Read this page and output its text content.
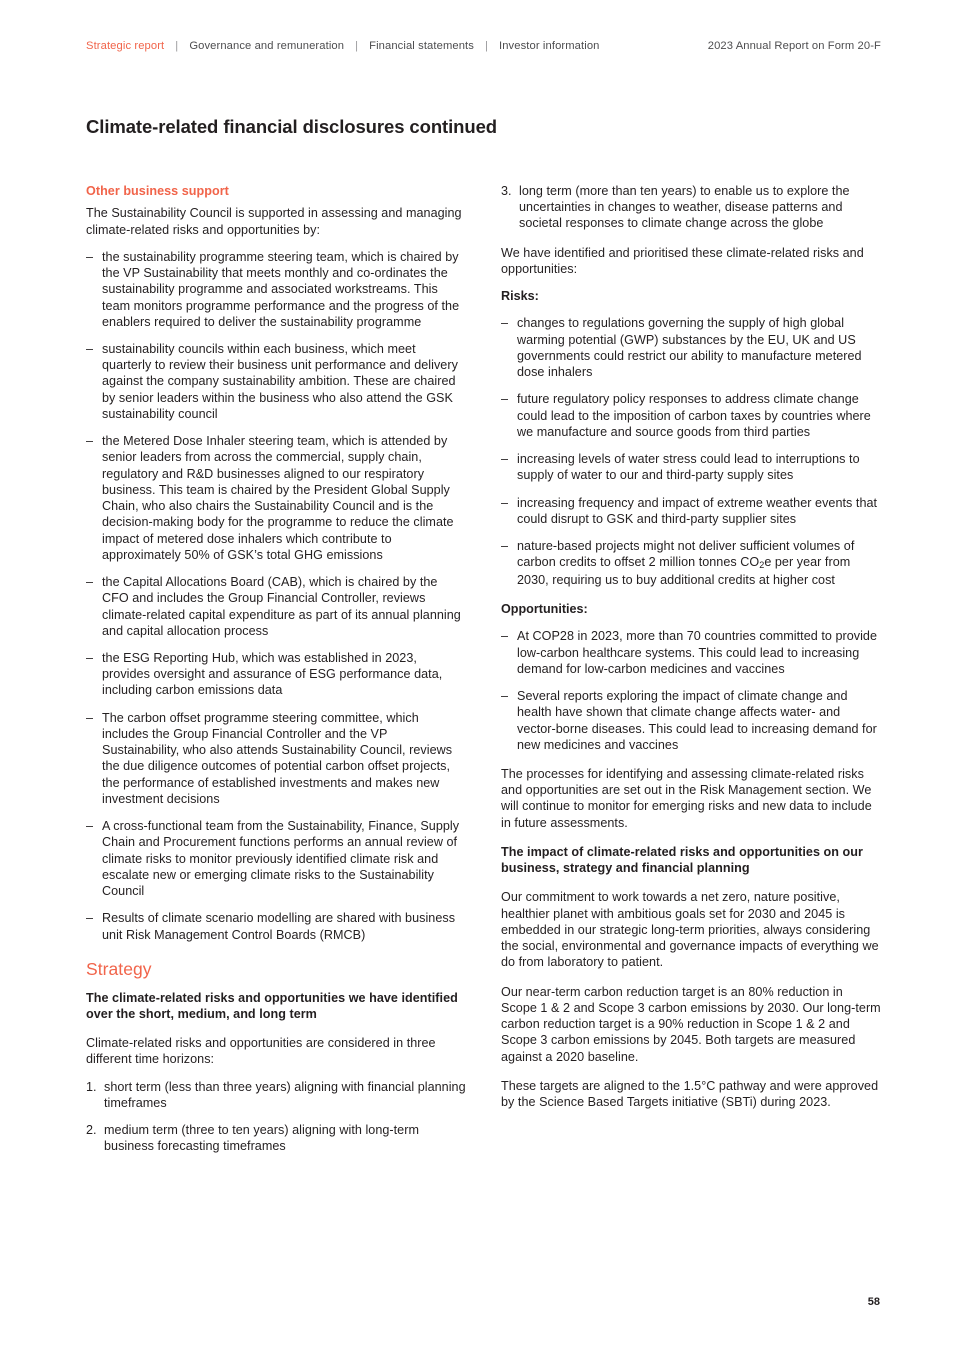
Strategic report | Governance and remuneration | Financial statements | Investor information	2023 Annual Report on Form 20-F
Climate-related financial disclosures continued
Other business support

The Sustainability Council is supported in assessing and managing climate-related risks and opportunities by:

– the sustainability programme steering team, which is chaired by the VP Sustainability that meets monthly and co-ordinates the sustainability programme and associated workstreams. This team monitors programme performance and the progress of the enablers required to deliver the sustainability programme
– sustainability councils within each business, which meet quarterly to review their business unit performance and delivery against the company sustainability ambition. These are chaired by senior leaders within the business who also attend the GSK sustainability council
– the Metered Dose Inhaler steering team, which is attended by senior leaders from across the commercial, supply chain, regulatory and R&D businesses aligned to our respiratory business. This team is chaired by the President Global Supply Chain, who also chairs the Sustainability Council and is the decision-making body for the programme to reduce the climate impact of metered dose inhalers which contribute to approximately 50% of GSK’s total GHG emissions
– the Capital Allocations Board (CAB), which is chaired by the CFO and includes the Group Financial Controller, reviews climate-related capital expenditure as part of its annual planning and capital allocation process
– the ESG Reporting Hub, which was established in 2023, provides oversight and assurance of ESG performance data, including carbon emissions data
– The carbon offset programme steering committee, which includes the Group Financial Controller and the VP Sustainability, who also attends Sustainability Council, reviews the due diligence outcomes of potential carbon offset projects, the performance of established investments and makes new investment decisions
– A cross-functional team from the Sustainability, Finance, Supply Chain and Procurement functions performs an annual review of climate risks to monitor previously identified climate risk and escalate new or emerging climate risks to the Sustainability Council
– Results of climate scenario modelling are shared with business unit Risk Management Control Boards (RMCB)
Strategy

The climate-related risks and opportunities we have identified over the short, medium, and long term

Climate-related risks and opportunities are considered in three different time horizons:

1. short term (less than three years) aligning with financial planning timeframes
2. medium term (three to ten years) aligning with long-term business forecasting timeframes
3. long term (more than ten years) to enable us to explore the uncertainties in changes to weather, disease patterns and societal responses to climate change across the globe

We have identified and prioritised these climate-related risks and opportunities:

Risks:

– changes to regulations governing the supply of high global warming potential (GWP) substances by the EU, UK and US governments could restrict our ability to manufacture metered dose inhalers
– future regulatory policy responses to address climate change could lead to the imposition of carbon taxes by countries where we manufacture and source goods from third parties
– increasing levels of water stress could lead to interruptions to supply of water to our and third-party supply sites
– increasing frequency and impact of extreme weather events that could disrupt to GSK and third-party supplier sites
– nature-based projects might not deliver sufficient volumes of carbon credits to offset 2 million tonnes $CO_2e$ per year from 2030, requiring us to buy additional credits at higher cost

Opportunities:

– At COP28 in 2023, more than 70 countries committed to provide low-carbon healthcare systems. This could lead to increasing demand for low-carbon medicines and vaccines
– Several reports exploring the impact of climate change and health have shown that climate change affects water- and vector-borne diseases. This could lead to increasing demand for new medicines and vaccines

The processes for identifying and assessing climate-related risks and opportunities are set out in the Risk Management section. We will continue to monitor for emerging risks and new data to include in future assessments.

The impact of climate-related risks and opportunities on our business, strategy and financial planning

Our commitment to work towards a net zero, nature positive, healthier planet with ambitious goals set for 2030 and 2045 is embedded in our strategic long-term priorities, always considering the social, environmental and governance impacts of everything we do from laboratory to patient.

Our near-term carbon reduction target is an 80% reduction in Scope 1 & 2 and Scope 3 carbon emissions by 2030. Our long-term carbon reduction target is a 90% reduction in Scope 1 & 2 and Scope 3 carbon emissions by 2045. Both targets are measured against a 2020 baseline.

These targets are aligned to the 1.5°C pathway and were approved by the Science Based Targets initiative (SBTi) during 2023.

58
